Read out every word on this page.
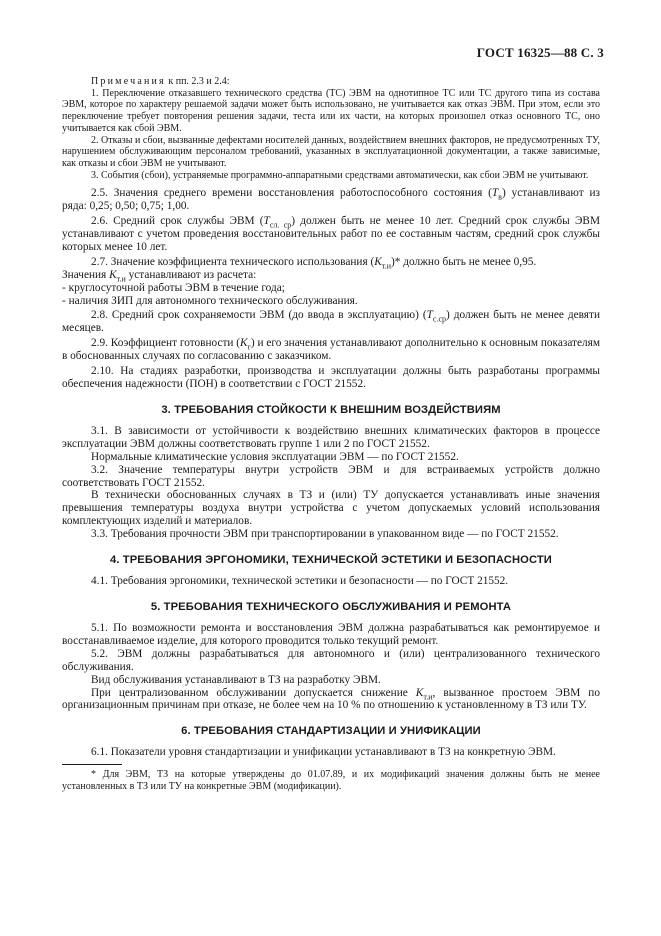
ГОСТ 16325—88 С. 3

Примечания к пп. 2.3 и 2.4:

1. Переключение отказавшего технического средства (ТС) ЭВМ на однотипное ТС или ТС другого типа из состава ЭВМ, которое по характеру решаемой задачи может быть использовано, не учитывается как отказ ЭВМ. При этом, если это переключение требует повторения решения задачи, теста или их части, на которых произошел отказ основного ТС, оно учитывается как сбой ЭВМ.

2. Отказы и сбои, вызванные дефектами носителей данных, воздействием внешних факторов, не предусмотренных ТУ, нарушением обслуживающим персоналом требований, указанных в эксплуатационной документации, а также зависимые, как отказы и сбои ЭВМ не учитывают.

3. События (сбои), устраняемые программно-аппаратными средствами автоматически, как сбои ЭВМ не учитывают.

2.5. Значения среднего времени восстановления работоспособного состояния $(T_в)$ устанавливают из ряда: 0,25; 0,50; 0,75; 1,00.

2.6. Средний срок службы ЭВМ $(T_{сл. ср})$ должен быть не менее 10 лет. Средний срок службы ЭВМ устанавливают с учетом проведения восстановительных работ по ее составным частям, средний срок службы которых менее 10 лет.

2.7. Значение коэффициента технического использования $(K_{т.и})*$ должно быть не менее 0,95.

Значения $K_{т.и}$ устанавливают из расчета:

- круглосуточной работы ЭВМ в течение года;

- наличия ЗИП для автономного технического обслуживания.

2.8. Средний срок сохраняемости ЭВМ (до ввода в эксплуатацию) $(T_{с.ср})$ должен быть не менее девяти месяцев.

2.9. Коэффициент готовности $(K_г)$ и его значения устанавливают дополнительно к основным показателям в обоснованных случаях по согласованию с заказчиком.

2.10. На стадиях разработки, производства и эксплуатации должны быть разработаны программы обеспечения надежности (ПОН) в соответствии с ГОСТ 21552.

3. ТРЕБОВАНИЯ СТОЙКОСТИ К ВНЕШНИМ ВОЗДЕЙСТВИЯМ

3.1. В зависимости от устойчивости к воздействию внешних климатических факторов в процессе эксплуатации ЭВМ должны соответствовать группе 1 или 2 по ГОСТ 21552.

Нормальные климатические условия эксплуатации ЭВМ — по ГОСТ 21552.

3.2. Значение температуры внутри устройств ЭВМ и для встраиваемых устройств должно соответствовать ГОСТ 21552.

В технически обоснованных случаях в ТЗ и (или) ТУ допускается устанавливать иные значения превышения температуры воздуха внутри устройства с учетом допускаемых условий использования комплектующих изделий и материалов.

3.3. Требования прочности ЭВМ при транспортировании в упакованном виде — по ГОСТ 21552.

4. ТРЕБОВАНИЯ ЭРГОНОМИКИ, ТЕХНИЧЕСКОЙ ЭСТЕТИКИ И БЕЗОПАСНОСТИ

4.1. Требования эргономики, технической эстетики и безопасности — по ГОСТ 21552.

5. ТРЕБОВАНИЯ ТЕХНИЧЕСКОГО ОБСЛУЖИВАНИЯ И РЕМОНТА

5.1. По возможности ремонта и восстановления ЭВМ должна разрабатываться как ремонтируемое и восстанавливаемое изделие, для которого проводится только текущий ремонт.

5.2. ЭВМ должны разрабатываться для автономного и (или) централизованного технического обслуживания.

Вид обслуживания устанавливают в ТЗ на разработку ЭВМ.

При централизованном обслуживании допускается снижение $K_{т.и}$, вызванное простоем ЭВМ по организационным причинам при отказе, не более чем на 10 % по отношению к установленному в ТЗ или ТУ.

6. ТРЕБОВАНИЯ СТАНДАРТИЗАЦИИ И УНИФИКАЦИИ

6.1. Показатели уровня стандартизации и унификации устанавливают в ТЗ на конкретную ЭВМ.

* Для ЭВМ, ТЗ на которые утверждены до 01.07.89, и их модификаций значения должны быть не менее установленных в ТЗ или ТУ на конкретные ЭВМ (модификации).
